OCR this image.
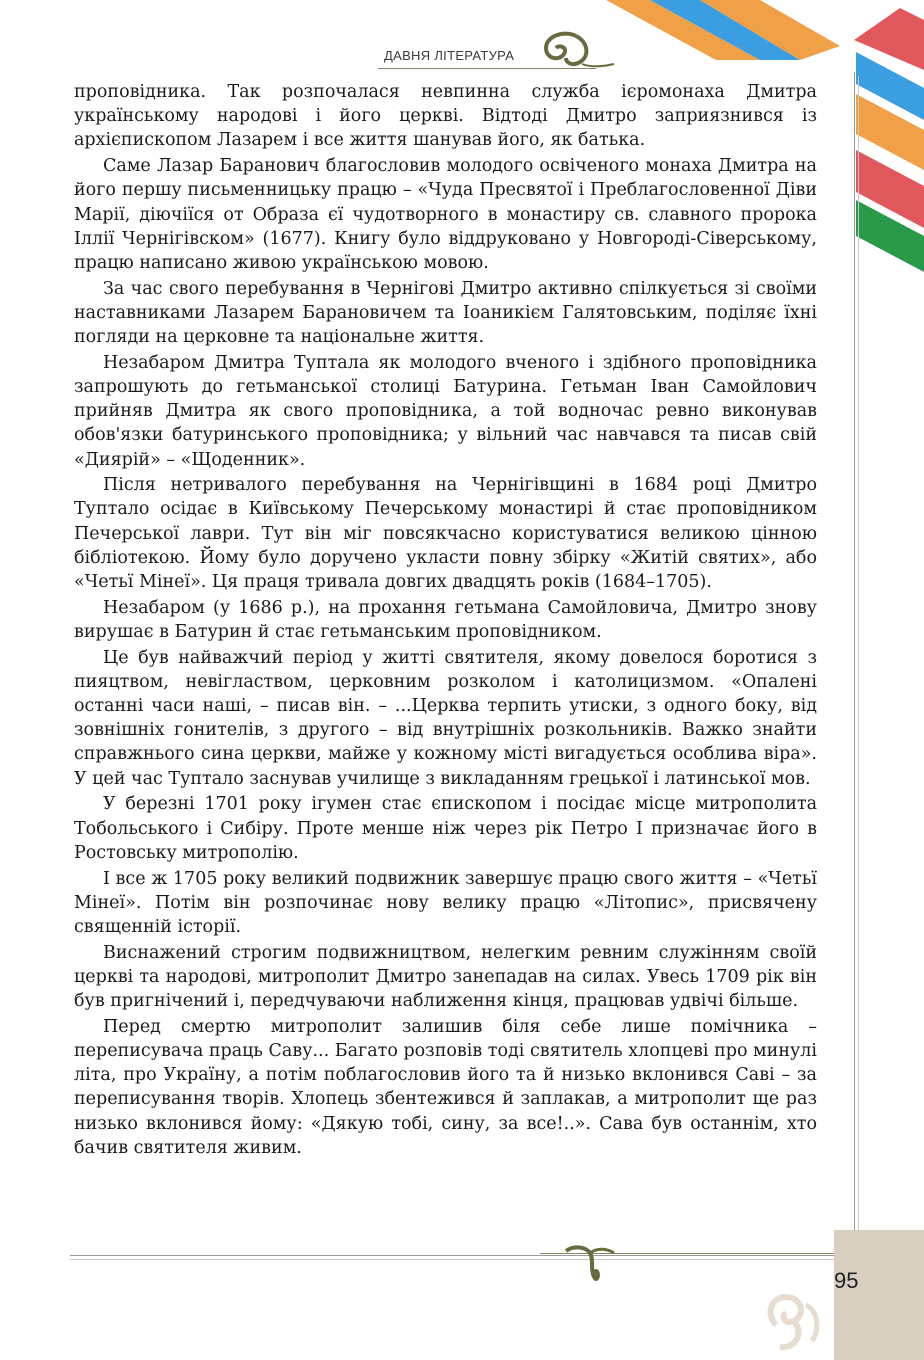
ДАВНЯ ЛІТЕРАТУРА

проповідника. Так розпочалася невпинна служба ієромонаха Дмитра українському народові і його церкві. Відтоді Дмитро заприязнився із архієпископом Лазарем і все життя шанував його, як батька.

Саме Лазар Баранович благословив молодого освіченого монаха Дмитра на його першу письменницьку працю – «Чуда Пресвятої і Преблагословенної Діви Марії, діючіїся от Образа єї чудотворного в монастиру св. славного пророка Іллії Чернігівском» (1677). Книгу було віддруковано у Новгороді-Сіверському, працю написано живою українською мовою.

За час свого перебування в Чернігові Дмитро активно спілкується зі своїми наставниками Лазарем Барановичем та Іоаникієм Галятовським, поділяє їхні погляди на церковне та національне життя.

Незабаром Дмитра Туптала як молодого вченого і здібного проповідника запрошують до гетьманської столиці Батурина. Гетьман Іван Самойлович прийняв Дмитра як свого проповідника, а той водночас ревно виконував обов'язки батуринського проповідника; у вільний час навчався та писав свій «Диярій» – «Щоденник».

Після нетривалого перебування на Чернігівщині в 1684 році Дмитро Туптало осідає в Київському Печерському монастирі й стає проповідником Печерської лаври. Тут він міг повсякчасно користуватися великою цінною бібліотекою. Йому було доручено укласти повну збірку «Житій святих», або «Четьї Мінеї». Ця праця тривала довгих двадцять років (1684–1705).

Незабаром (у 1686 р.), на прохання гетьмана Самойловича, Дмитро знову вирушає в Батурин й стає гетьманським проповідником.

Це був найважчий період у житті святителя, якому довелося боротися з пияцтвом, невіглаством, церковним розколом і католицизмом. «Опалені останні часи наші, – писав він. – ...Церква терпить утиски, з одного боку, від зовнішніх гонителів, з другого – від внутрішніх розкольників. Важко знайти справжнього сина церкви, майже у кожному місті вигадується особлива віра». У цей час Туптало заснував училище з викладанням грецької і латинської мов.

У березні 1701 року ігумен стає єпископом і посідає місце митрополита Тобольського і Сибіру. Проте менше ніж через рік Петро І призначає його в Ростовську митрополію.

І все ж 1705 року великий подвижник завершує працю свого життя – «Четьї Мінеї». Потім він розпочинає нову велику працю «Літопис», присвячену священній історії.

Виснажений строгим подвижництвом, нелегким ревним служінням своїй церкві та народові, митрополит Дмитро занепадав на силах. Увесь 1709 рік він був пригнічений і, передчуваючи наближення кінця, працював удвічі більше.

Перед смертю митрополит залишив біля себе лише помічника – переписувача праць Саву... Багато розповів тоді святитель хлопцеві про минулі літа, про Україну, а потім поблагословив його та й низько вклонився Саві – за переписування творів. Хлопець збентежився й заплакав, а митрополит ще раз низько вклонився йому: «Дякую тобі, сину, за все!..». Сава був останнім, хто бачив святителя живим.

95
